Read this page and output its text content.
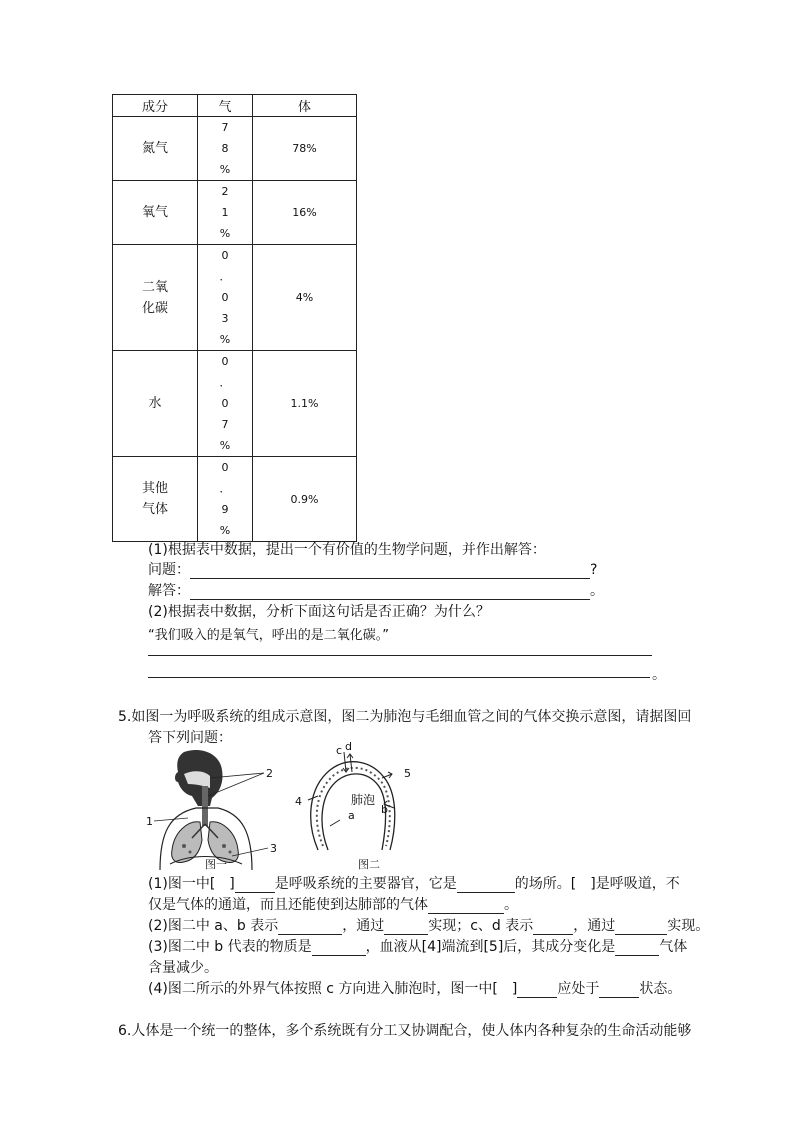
成分	气	体

氮气	7
8
%	78%

氧气	2
1
%	16%

二氧
化碳	0
．
0
3
%	4%

水	0
．
0
7
%	1.1%

其他
气体	0
．
9
%	0.9%
(1)根据表中数据，提出一个有价值的生物学问题，并作出解答：
问题：	?
解答：	。
(2)根据表中数据，分析下面这句话是否正确？为什么？
“我们吸入的是氧气，呼出的是二氧化碳。”
。
5.如图一为呼吸系统的组成示意图，图二为肺泡与毛细血管之间的气体交换示意图，请据图回
答下列问题：
1
2
3
图一
c d
4
5
a b
肺泡
图二
(1)图一中[　]	是呼吸系统的主要器官，它是	的场所。[　]是呼吸道，不
仅是气体的通道，而且还能使到达肺部的气体	。
(2)图二中 a、b 表示	，通过	实现；c、d 表示	，通过	实现。
(3)图二中 b 代表的物质是	，血液从[4]端流到[5]后，其成分变化是	气体
含量减少。
(4)图二所示的外界气体按照 c 方向进入肺泡时，图一中[　]	应处于	状态。
6.人体是一个统一的整体，多个系统既有分工又协调配合，使人体内各种复杂的生命活动能够
